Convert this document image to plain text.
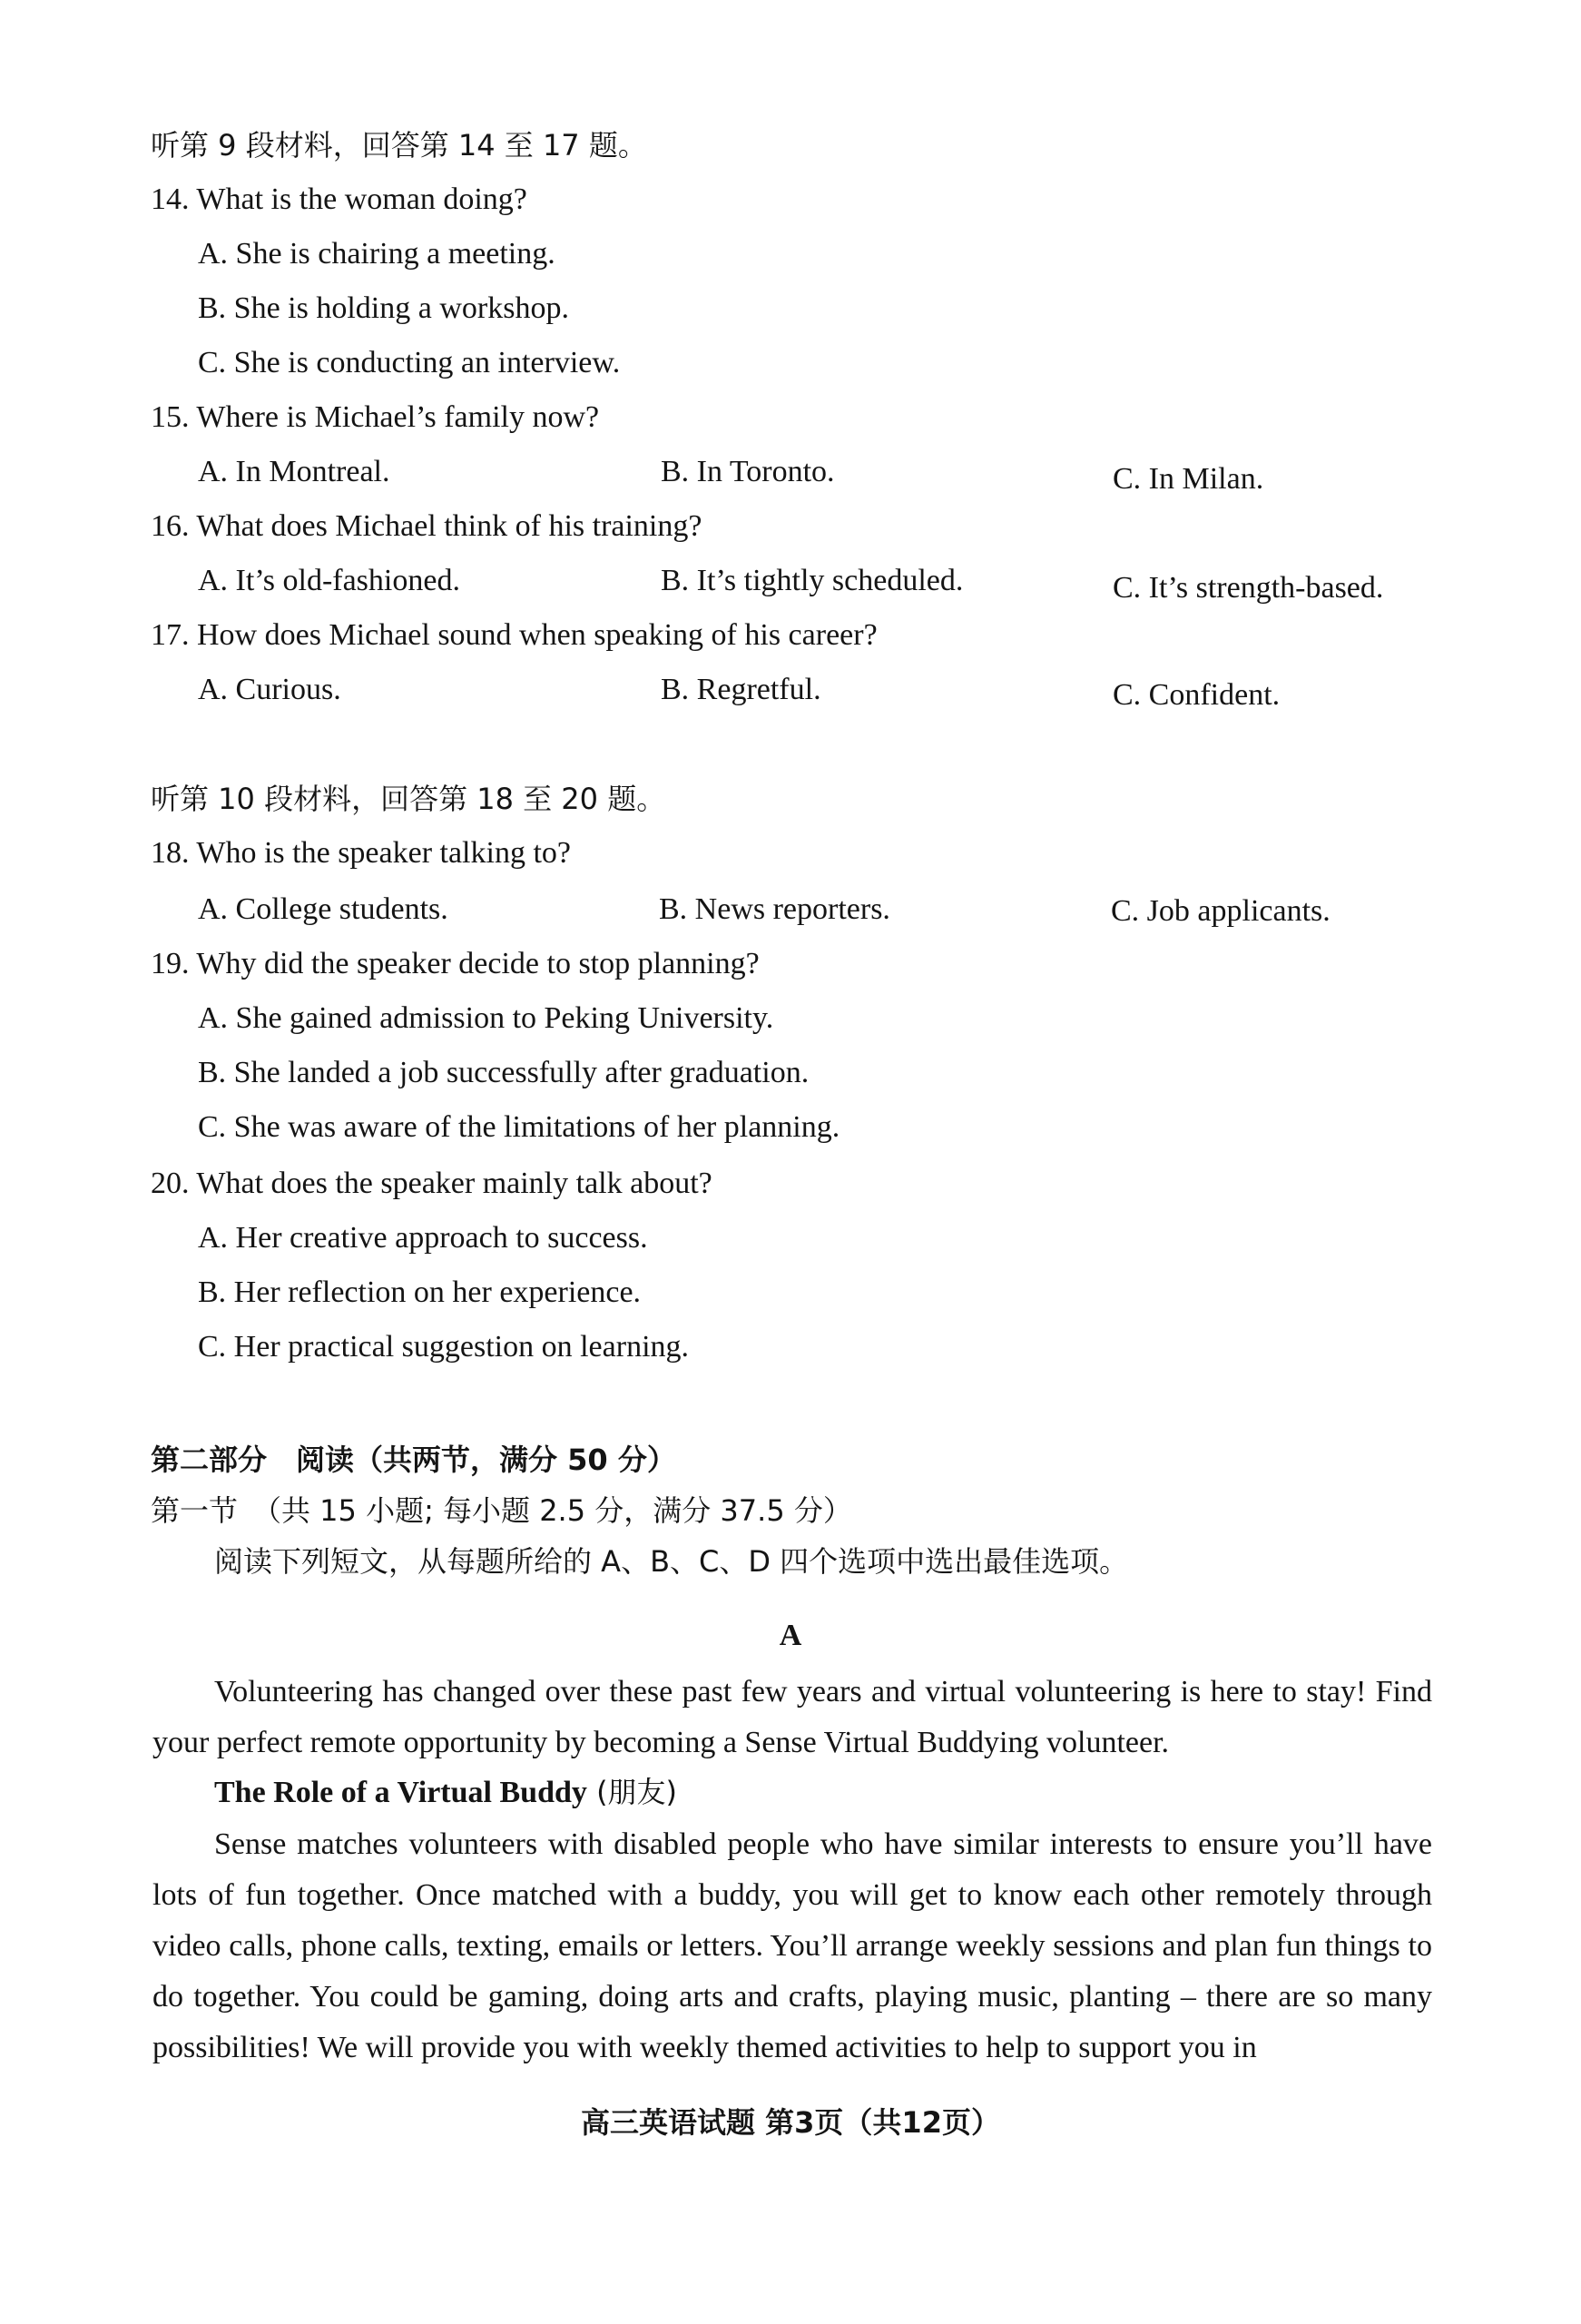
听第 9 段材料，回答第 14 至 17 题。
14. What is the woman doing?
A. She is chairing a meeting.
B. She is holding a workshop.
C. She is conducting an interview.
15. Where is Michael’s family now?
A. In Montreal.	B. In Toronto.	C. In Milan.
16. What does Michael think of his training?
A. It’s old-fashioned.	B. It’s tightly scheduled.	C. It’s strength-based.
17. How does Michael sound when speaking of his career?
A. Curious.	B. Regretful.	C. Confident.
听第 10 段材料，回答第 18 至 20 题。
18. Who is the speaker talking to?
A. College students.	B. News reporters.	C. Job applicants.
19. Why did the speaker decide to stop planning?
A. She gained admission to Peking University.
B. She landed a job successfully after graduation.
C. She was aware of the limitations of her planning.
20. What does the speaker mainly talk about?
A. Her creative approach to success.
B. Her reflection on her experience.
C. Her practical suggestion on learning.
第二部分　阅读（共两节，满分 50 分）
第一节　（共 15 小题; 每小题 2.5 分，满分 37.5 分）
阅读下列短文，从每题所给的 A、B、C、D 四个选项中选出最佳选项。
A
Volunteering has changed over these past few years and virtual volunteering is here to stay! Find your perfect remote opportunity by becoming a Sense Virtual Buddying volunteer.
The Role of a Virtual Buddy (朋友)
Sense matches volunteers with disabled people who have similar interests to ensure you’ll have lots of fun together. Once matched with a buddy, you will get to know each other remotely through video calls, phone calls, texting, emails or letters. You’ll arrange weekly sessions and plan fun things to do together. You could be gaming, doing arts and crafts, playing music, planting – there are so many possibilities! We will provide you with weekly themed activities to help to support you in
高三英语试题 第3页（共12页）
